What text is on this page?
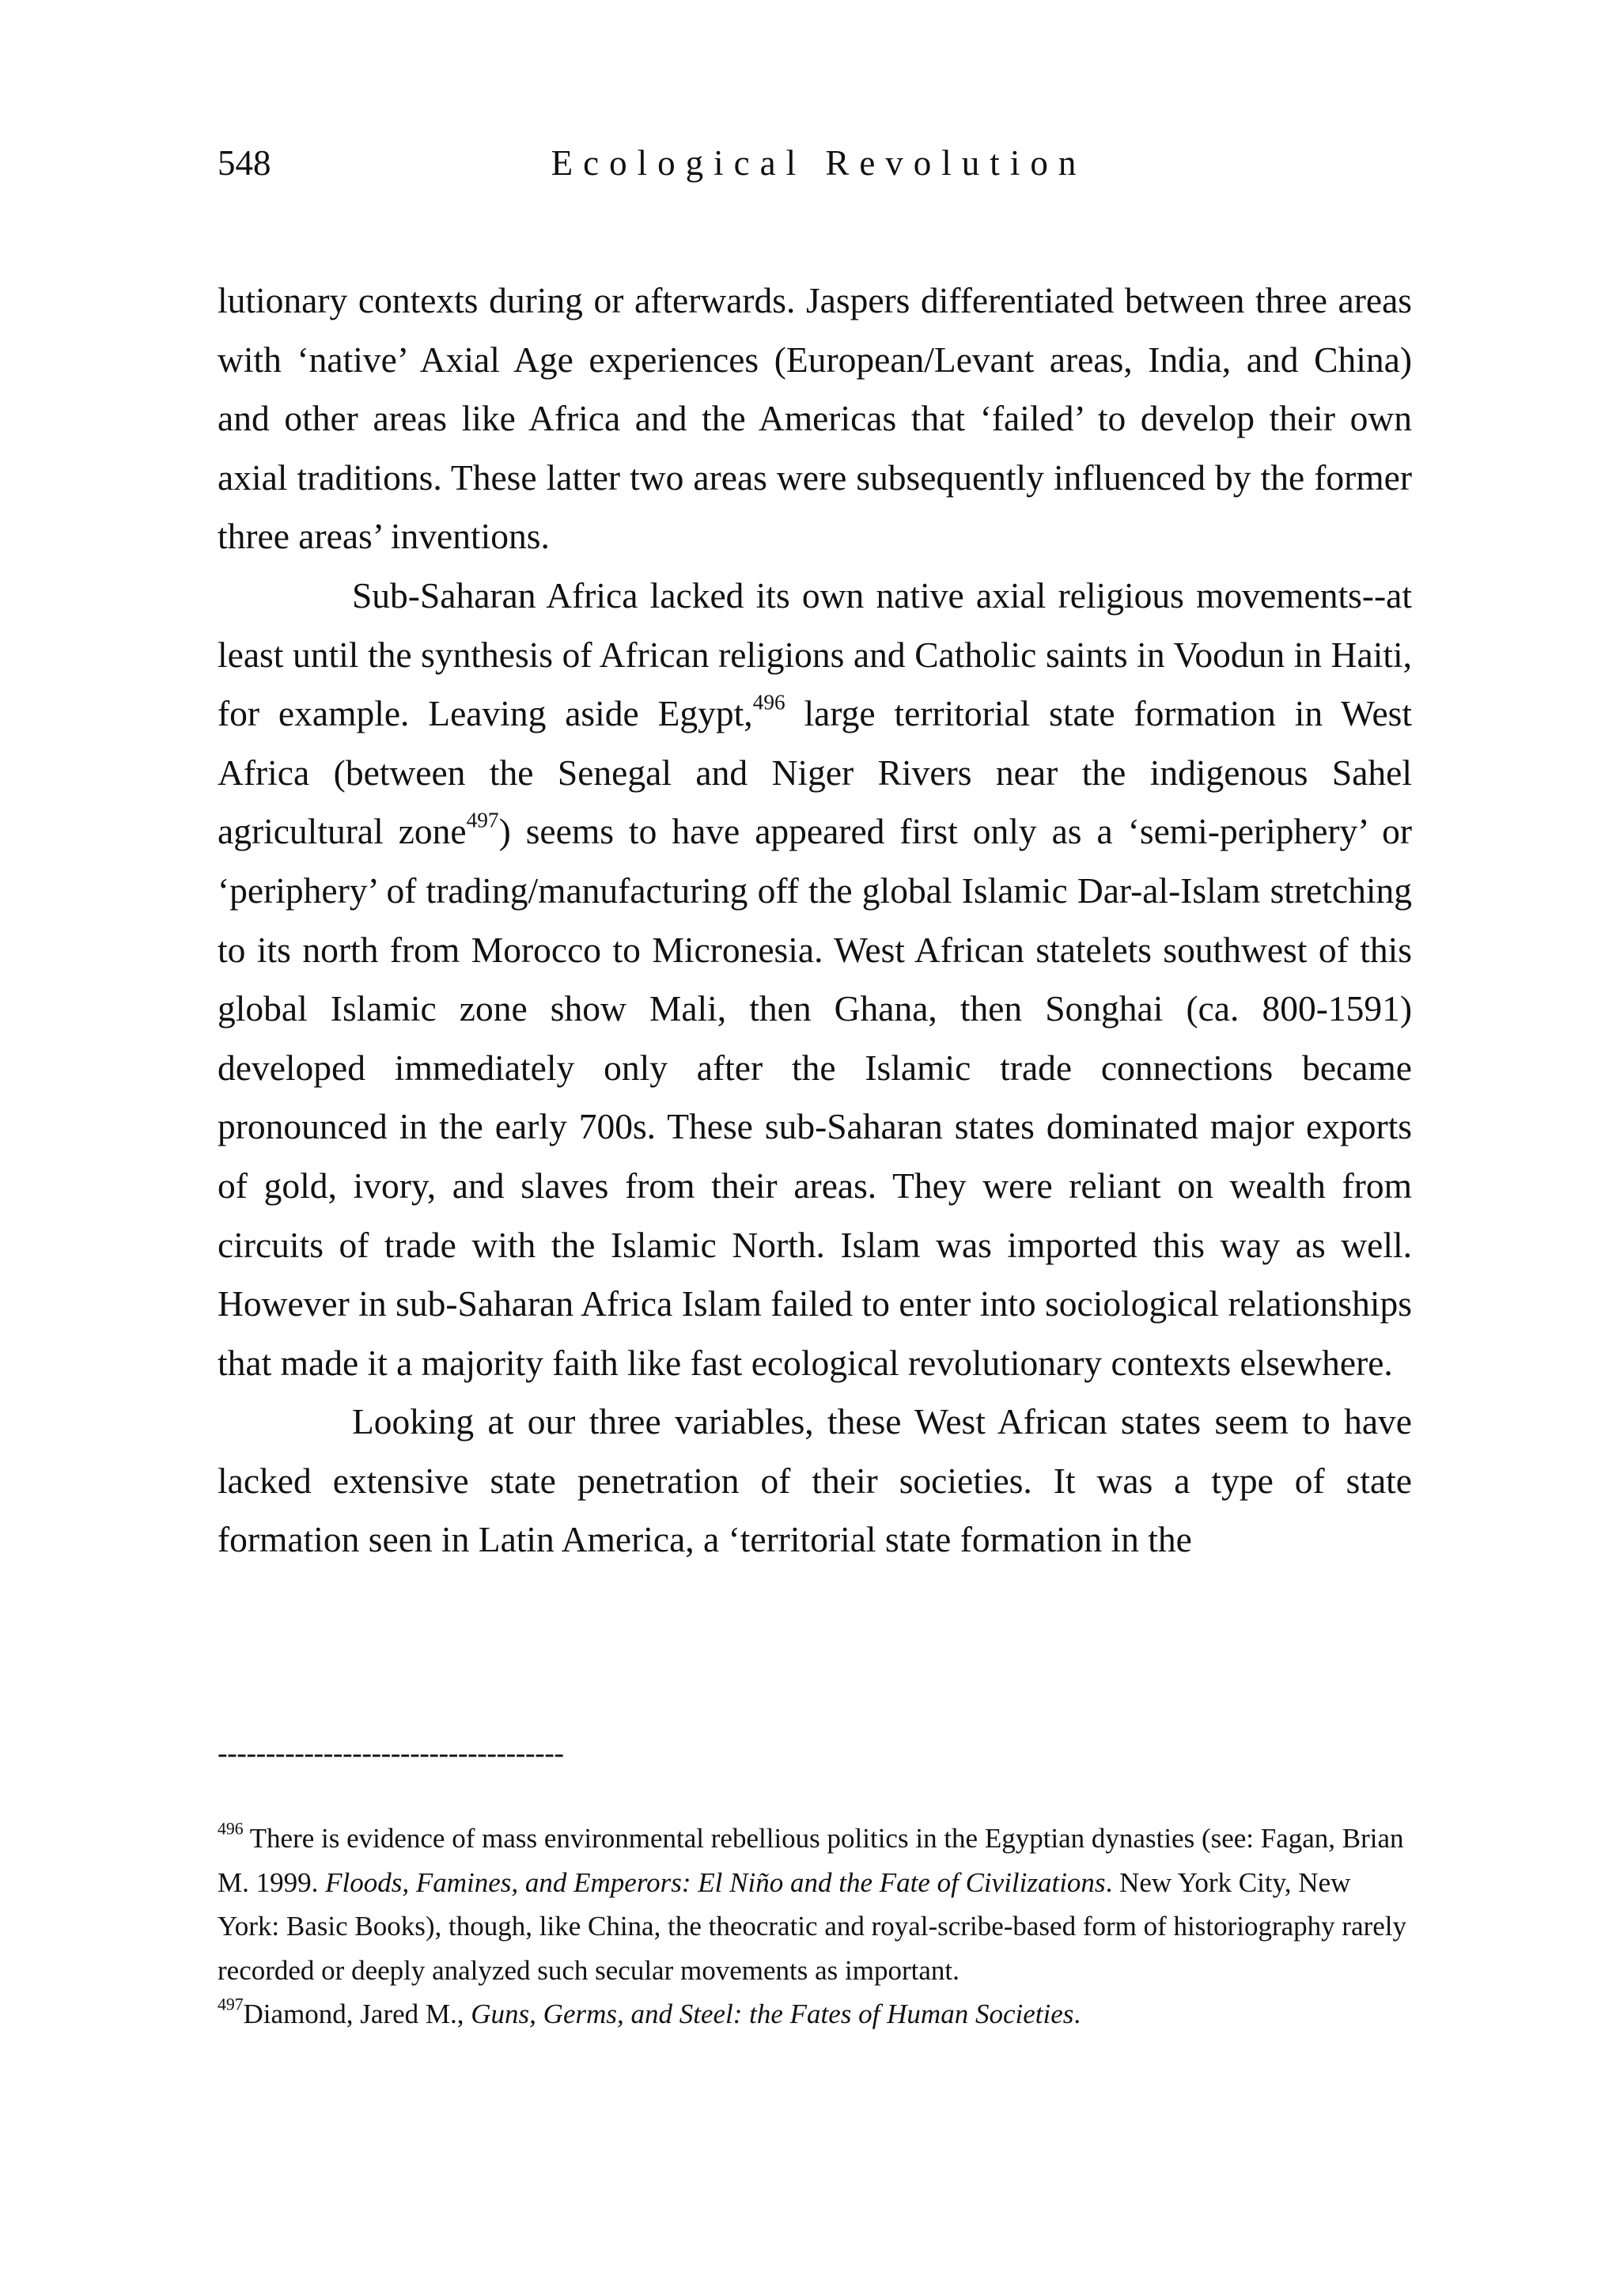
548	Ecological Revolution

lutionary contexts during or afterwards. Jaspers differentiated between three areas with ‘native’ Axial Age experiences (European/Levant areas, India, and China) and other areas like Africa and the Americas that ‘failed’ to develop their own axial traditions. These latter two areas were subsequently influenced by the former three areas’ inventions.

Sub-Saharan Africa lacked its own native axial religious movements--at least until the synthesis of African religions and Catholic saints in Voodun in Haiti, for example. Leaving aside Egypt,$^{496}$ large territorial state formation in West Africa (between the Senegal and Niger Rivers near the indigenous Sahel agricultural zone$^{497}$) seems to have appeared first only as a ‘semi-periphery’ or ‘periphery’ of trading/manufacturing off the global Islamic Dar-al-Islam stretching to its north from Morocco to Micronesia. West African statelets southwest of this global Islamic zone show Mali, then Ghana, then Songhai (ca. 800-1591) developed immediately only after the Islamic trade connections became pronounced in the early 700s. These sub-Saharan states dominated major exports of gold, ivory, and slaves from their areas. They were reliant on wealth from circuits of trade with the Islamic North. Islam was imported this way as well. However in sub-Saharan Africa Islam failed to enter into sociological relationships that made it a majority faith like fast ecological revolutionary contexts elsewhere.

Looking at our three variables, these West African states seem to have lacked extensive state penetration of their societies. It was a type of state formation seen in Latin America, a ‘territorial state formation in the

------------------------------------

$^{496}$ There is evidence of mass environmental rebellious politics in the Egyptian dynasties (see: Fagan, Brian M. 1999. Floods, Famines, and Emperors: El Niño and the Fate of Civilizations. New York City, New York: Basic Books), though, like China, the theocratic and royal-scribe-based form of historiography rarely recorded or deeply analyzed such secular movements as important.

$^{497}$Diamond, Jared M., Guns, Germs, and Steel: the Fates of Human Societies.
